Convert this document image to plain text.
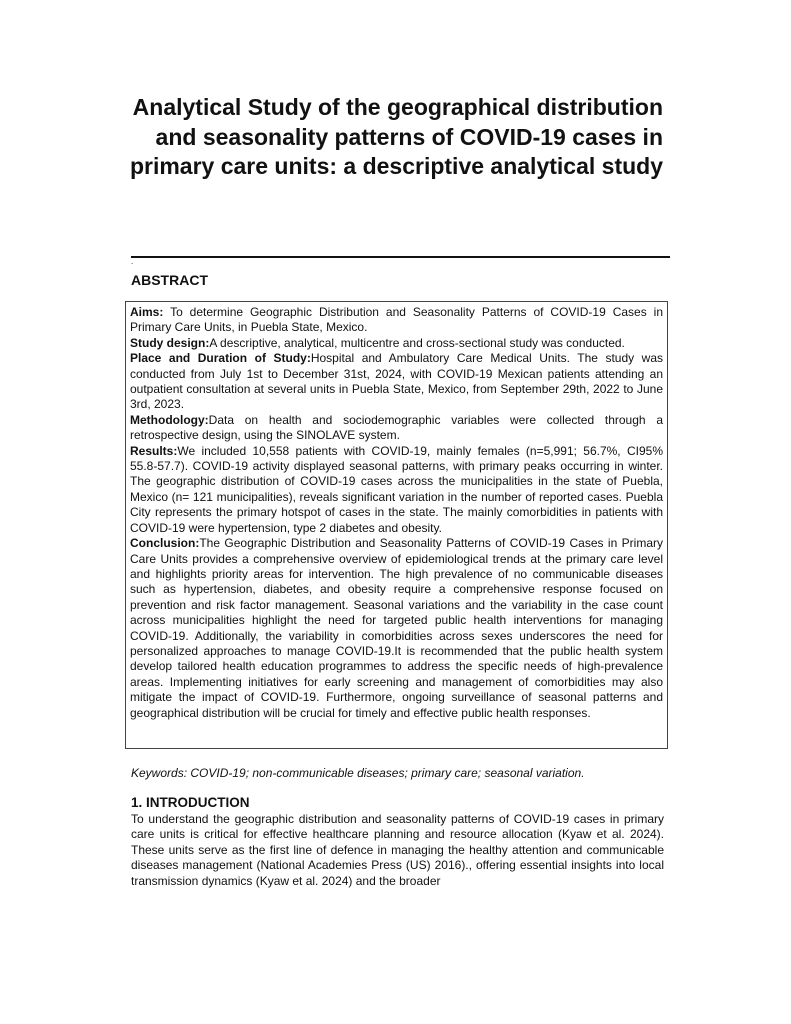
Analytical Study of the geographical distribution and seasonality patterns of COVID-19 cases in primary care units: a descriptive analytical study
.
ABSTRACT

Aims: To determine Geographic Distribution and Seasonality Patterns of COVID-19 Cases in Primary Care Units, in Puebla State, Mexico.

Study design:A descriptive, analytical, multicentre and cross-sectional study was conducted.

Place and Duration of Study:Hospital and Ambulatory Care Medical Units. The study was conducted from July 1st to December 31st, 2024, with COVID-19 Mexican patients attending an outpatient consultation at several units in Puebla State, Mexico, from September 29th, 2022 to June 3rd, 2023.

Methodology:Data on health and sociodemographic variables were collected through a retrospective design, using the SINOLAVE system.

Results:We included 10,558 patients with COVID-19, mainly females (n=5,991; 56.7%, CI95% 55.8-57.7). COVID-19 activity displayed seasonal patterns, with primary peaks occurring in winter. The geographic distribution of COVID-19 cases across the municipalities in the state of Puebla, Mexico (n= 121 municipalities), reveals significant variation in the number of reported cases. Puebla City represents the primary hotspot of cases in the state. The mainly comorbidities in patients with COVID-19 were hypertension, type 2 diabetes and obesity.

Conclusion:The Geographic Distribution and Seasonality Patterns of COVID-19 Cases in Primary Care Units provides a comprehensive overview of epidemiological trends at the primary care level and highlights priority areas for intervention. The high prevalence of no communicable diseases such as hypertension, diabetes, and obesity require a comprehensive response focused on prevention and risk factor management. Seasonal variations and the variability in the case count across municipalities highlight the need for targeted public health interventions for managing COVID-19. Additionally, the variability in comorbidities across sexes underscores the need for personalized approaches to manage COVID-19.It is recommended that the public health system develop tailored health education programmes to address the specific needs of high-prevalence areas. Implementing initiatives for early screening and management of comorbidities may also mitigate the impact of COVID-19. Furthermore, ongoing surveillance of seasonal patterns and geographical distribution will be crucial for timely and effective public health responses.

Keywords: COVID-19; non-communicable diseases; primary care; seasonal variation.

1. INTRODUCTION

To understand the geographic distribution and seasonality patterns of COVID-19 cases in primary care units is critical for effective healthcare planning and resource allocation (Kyaw et al. 2024). These units serve as the first line of defence in managing the healthy attention and communicable diseases management (National Academies Press (US) 2016)., offering essential insights into local transmission dynamics (Kyaw et al. 2024) and the broader
